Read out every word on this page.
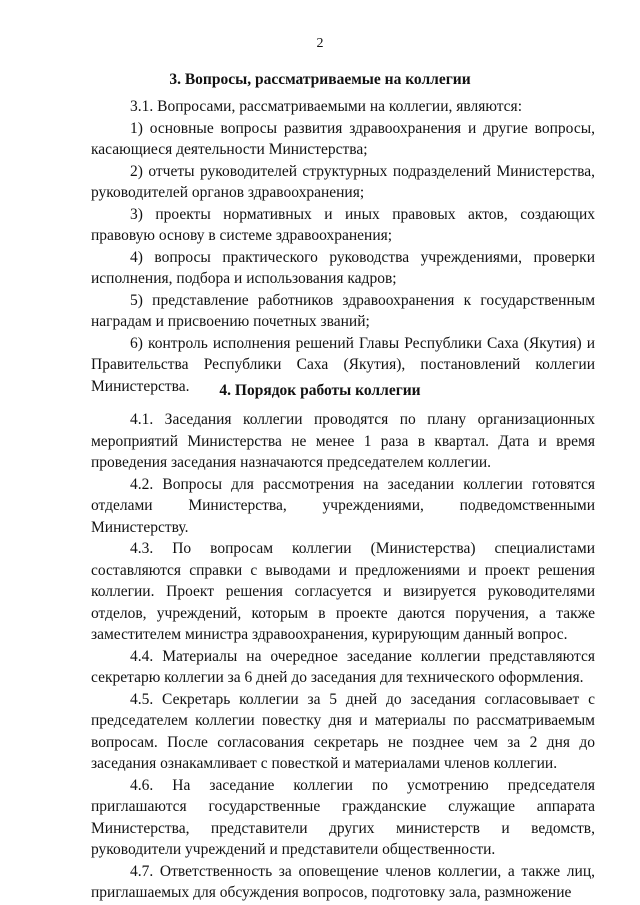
2
3. Вопросы, рассматриваемые на коллегии

3.1. Вопросами, рассматриваемыми на коллегии, являются:

1) основные вопросы развития здравоохранения и другие вопросы, касающиеся деятельности Министерства;

2) отчеты руководителей структурных подразделений Министерства, руководителей органов здравоохранения;

3) проекты нормативных и иных правовых актов, создающих правовую основу в системе здравоохранения;

4) вопросы практического руководства учреждениями, проверки исполнения, подбора и использования кадров;

5) представление работников здравоохранения к государственным наградам и присвоению почетных званий;

6) контроль исполнения решений Главы Республики Саха (Якутия) и Правительства Республики Саха (Якутия), постановлений коллегии Министерства.	4. Порядок работы коллегии

4.1. Заседания коллегии проводятся по плану организационных мероприятий Министерства не менее 1 раза в квартал. Дата и время проведения заседания назначаются председателем коллегии.

4.2. Вопросы для рассмотрения на заседании коллегии готовятся отделами Министерства, учреждениями, подведомственными Министерству.

4.3. По вопросам коллегии (Министерства) специалистами составляются справки с выводами и предложениями и проект решения коллегии. Проект решения согласуется и визируется руководителями отделов, учреждений, которым в проекте даются поручения, а также заместителем министра здравоохранения, курирующим данный вопрос.

4.4. Материалы на очередное заседание коллегии представляются секретарю коллегии за 6 дней до заседания для технического оформления.

4.5. Секретарь коллегии за 5 дней до заседания согласовывает с председателем коллегии повестку дня и материалы по рассматриваемым вопросам. После согласования секретарь не позднее чем за 2 дня до заседания ознакамливает с повесткой и материалами членов коллегии.

4.6. На заседание коллегии по усмотрению председателя приглашаются государственные гражданские служащие аппарата Министерства, представители других министерств и ведомств, руководители учреждений и представители общественности.

4.7. Ответственность за оповещение членов коллегии, а также лиц, приглашаемых для обсуждения вопросов, подготовку зала, размножение
